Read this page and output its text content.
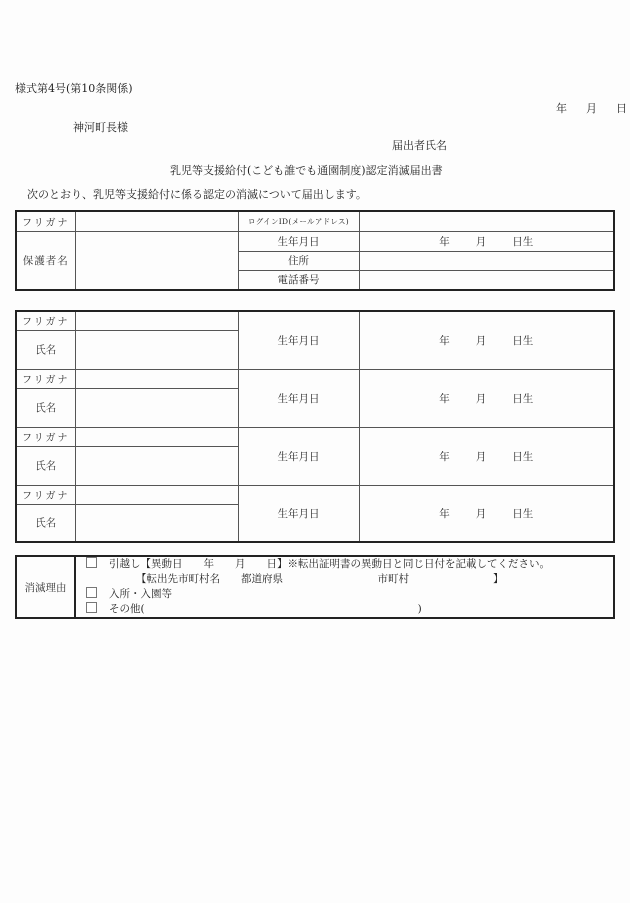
様式第4号(第10条関係)
年 月 日
神河町長様
届出者氏名
乳児等支援給付(こども誰でも通園制度)認定消滅届出書
次のとおり、乳児等支援給付に係る認定の消滅について届出します。
フリガナ		ログインID(メールアドレス)	
保護者名		生年月日	年 月 日生
		住所	
		電話番号	
フリガナ		生年月日	年 月 日生
氏名			
フリガナ		生年月日	年 月 日生
氏名			
フリガナ		生年月日	年 月 日生
氏名			
フリガナ		生年月日	年 月 日生
氏名			
消滅理由	
引越し【異動日　　年　　月　　日】※転出証明書の異動日と同じ日付を記載してください。
【転出先市町村名　　都道府県　　　　　　　　　市町村　　　　　　　　】
入所・入園等
その他(　　　　　　　　　　　　　　　　　　　　　　　　　　)
